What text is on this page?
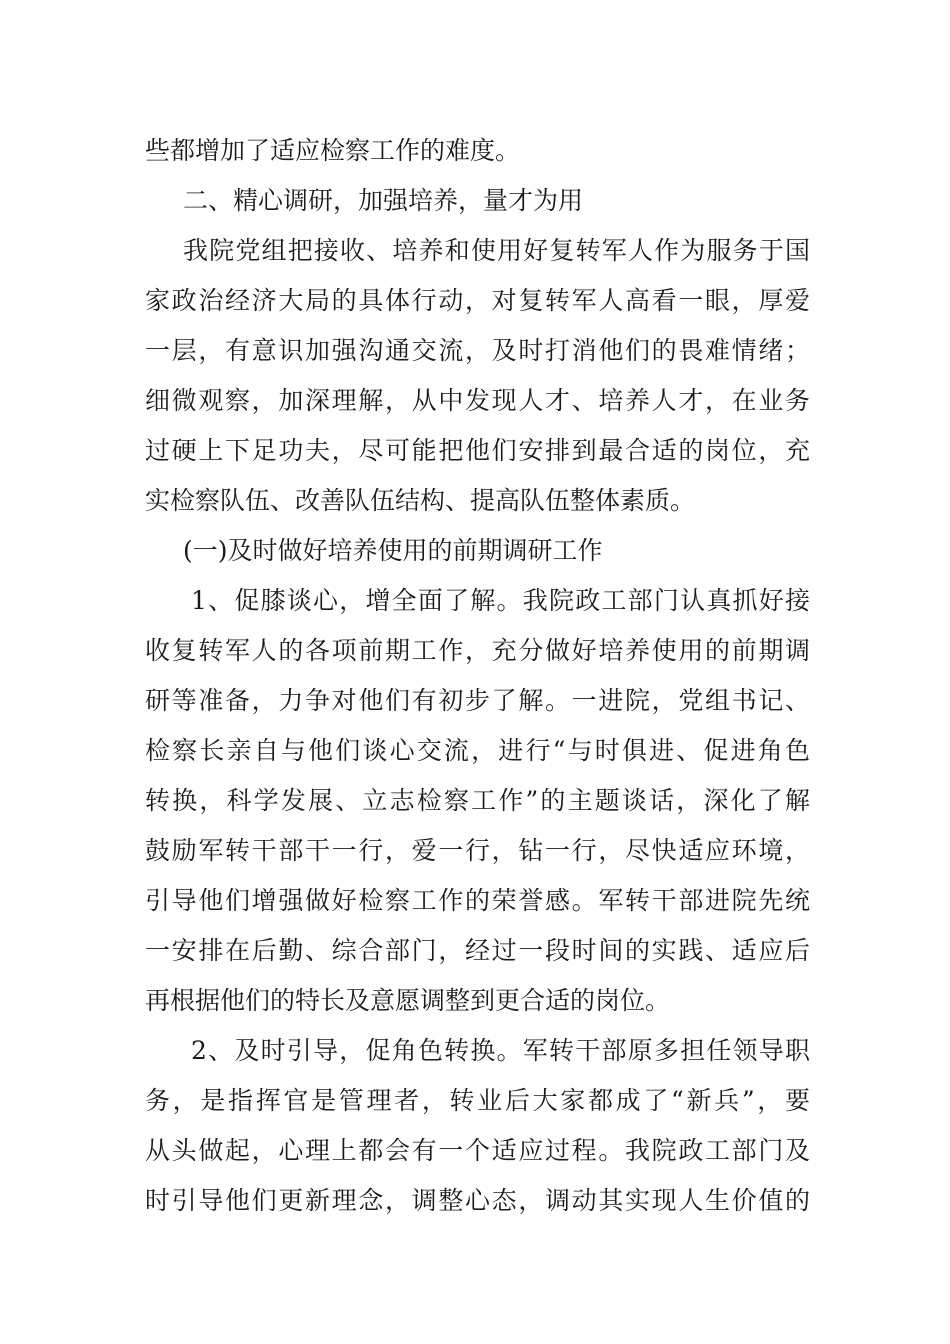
些都增加了适应检察工作的难度。
二、精心调研，加强培养，量才为用
我院党组把接收、培养和使用好复转军人作为服务于国
家政治经济大局的具体行动，对复转军人高看一眼，厚爱
一层，有意识加强沟通交流，及时打消他们的畏难情绪；
细微观察，加深理解，从中发现人才、培养人才，在业务
过硬上下足功夫，尽可能把他们安排到最合适的岗位，充
实检察队伍、改善队伍结构、提高队伍整体素质。
(一)及时做好培养使用的前期调研工作
1、促膝谈心，增全面了解。我院政工部门认真抓好接
收复转军人的各项前期工作，充分做好培养使用的前期调
研等准备，力争对他们有初步了解。一进院，党组书记、
检察长亲自与他们谈心交流，进行“与时俱进、促进角色
转换，科学发展、立志检察工作”的主题谈话，深化了解
鼓励军转干部干一行，爱一行，钻一行，尽快适应环境，
引导他们增强做好检察工作的荣誉感。军转干部进院先统
一安排在后勤、综合部门，经过一段时间的实践、适应后
再根据他们的特长及意愿调整到更合适的岗位。
2、及时引导，促角色转换。军转干部原多担任领导职
务，是指挥官是管理者，转业后大家都成了“新兵”，要
从头做起，心理上都会有一个适应过程。我院政工部门及
时引导他们更新理念，调整心态，调动其实现人生价值的
